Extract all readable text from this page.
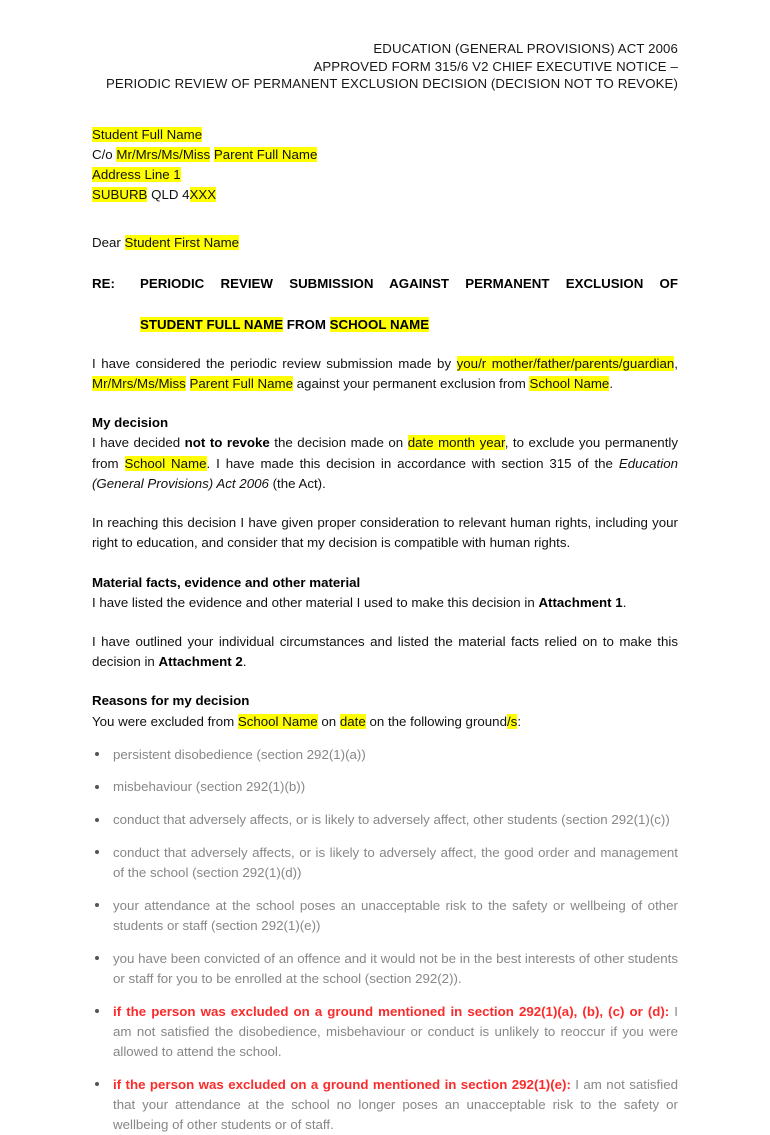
EDUCATION (GENERAL PROVISIONS) ACT 2006
APPROVED FORM 315/6 V2 CHIEF EXECUTIVE NOTICE –
PERIODIC REVIEW OF PERMANENT EXCLUSION DECISION (DECISION NOT TO REVOKE)
Student Full Name
C/o Mr/Mrs/Ms/Miss Parent Full Name
Address Line 1
SUBURB QLD 4XXX
Dear Student First Name
RE:	PERIODIC REVIEW SUBMISSION AGAINST PERMANENT EXCLUSION OF
STUDENT FULL NAME FROM SCHOOL NAME

I have considered the periodic review submission made by you/r mother/father/parents/guardian, Mr/Mrs/Ms/Miss Parent Full Name against your permanent exclusion from School Name.

My decision

I have decided not to revoke the decision made on date month year, to exclude you permanently from School Name. I have made this decision in accordance with section 315 of the Education (General Provisions) Act 2006 (the Act).

In reaching this decision I have given proper consideration to relevant human rights, including your right to education, and consider that my decision is compatible with human rights.

Material facts, evidence and other material

I have listed the evidence and other material I used to make this decision in Attachment 1.

I have outlined your individual circumstances and listed the material facts relied on to make this decision in Attachment 2.

Reasons for my decision

You were excluded from School Name on date on the following ground/s:

persistent disobedience (section 292(1)(a))
misbehaviour (section 292(1)(b))
conduct that adversely affects, or is likely to adversely affect, other students (section 292(1)(c))
conduct that adversely affects, or is likely to adversely affect, the good order and management of the school (section 292(1)(d))
your attendance at the school poses an unacceptable risk to the safety or wellbeing of other students or staff (section 292(1)(e))
you have been convicted of an offence and it would not be in the best interests of other students or staff for you to be enrolled at the school (section 292(2)).
if the person was excluded on a ground mentioned in section 292(1)(a), (b), (c) or (d): I am not satisfied the disobedience, misbehaviour or conduct is unlikely to reoccur if you were allowed to attend the school.
if the person was excluded on a ground mentioned in section 292(1)(e): I am not satisfied that your attendance at the school no longer poses an unacceptable risk to the safety or wellbeing of other students or of staff.
